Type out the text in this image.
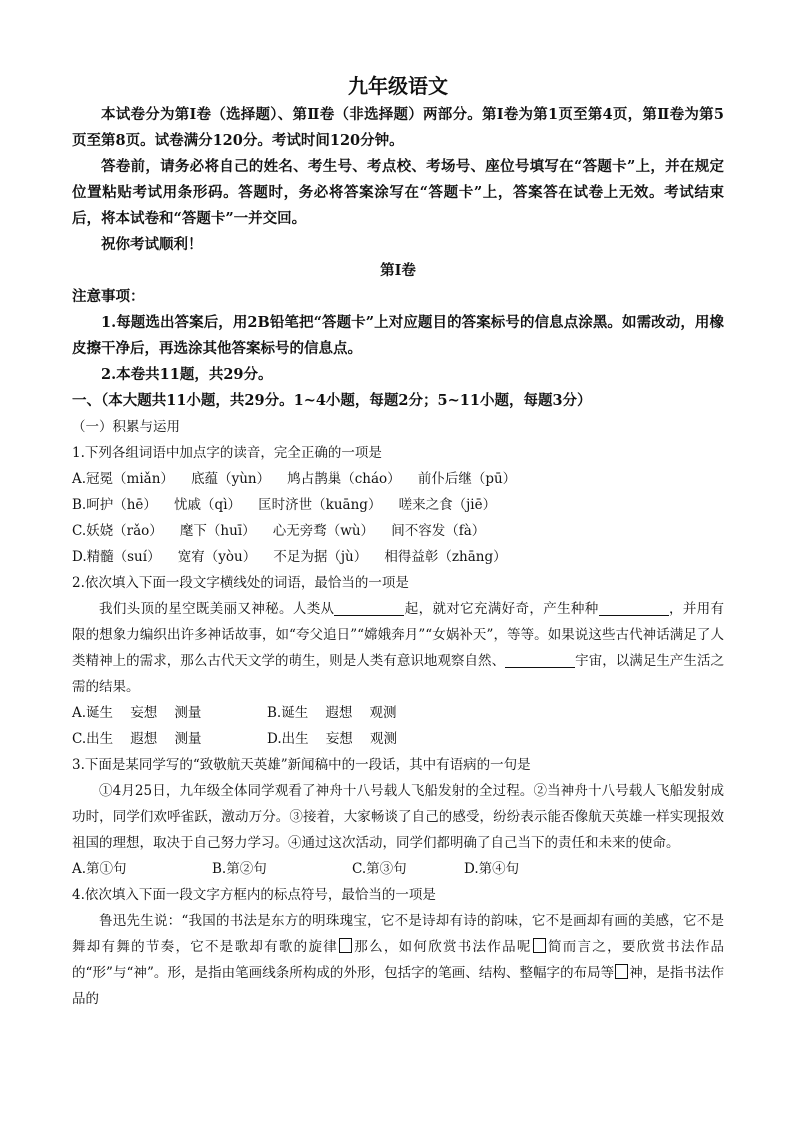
九年级语文
本试卷分为第Ⅰ卷（选择题）、第Ⅱ卷（非选择题）两部分。第Ⅰ卷为第1页至第4页，第Ⅱ卷为第5页至第8页。试卷满分120分。考试时间120分钟。
答卷前，请务必将自己的姓名、考生号、考点校、考场号、座位号填写在“答题卡”上，并在规定位置粘贴考试用条形码。答题时，务必将答案涂写在“答题卡”上，答案答在试卷上无效。考试结束后，将本试卷和“答题卡”一并交回。
祝你考试顺利！
第Ⅰ卷
注意事项：
1.每题选出答案后，用2B铅笔把“答题卡”上对应题目的答案标号的信息点涂黑。如需改动，用橡皮擦干净后，再选涂其他答案标号的信息点。
2.本卷共11题，共29分。
一、（本大题共11小题，共29分。1~4小题，每题2分；5~11小题，每题3分）
（一）积累与运用
1.下列各组词语中加点字的读音，完全正确的一项是
A.冠冕（miǎn）    底蕴（yùn）    鸠占鹊巢（cháo）    前仆后继（pū）
B.呵护（hē）    忧戚（qì）    匡时济世（kuāng）    嗟来之食（jiē）
C.妖娆（rǎo）    麾下（huī）    心无旁骛（wù）    间不容发（fà）
D.精髓（suí）    宽宥（yòu）    不足为据（jù）    相得益彰（zhāng）
2.依次填入下面一段文字横线处的词语，最恰当的一项是
我们头顶的星空既美丽又神秘。人类从	起，就对它充满好奇，产生种种	，并用有限的想象力编织出许多神话故事，如“夸父追日”“嫦娥奔月”“女娲补天”，等等。如果说这些古代神话满足了人类精神上的需求，那么古代天文学的萌生，则是人类有意识地观察自然、	宇宙，以满足生产生活之需的结果。
A.诞生    妄想    测量	B.诞生    遐想    观测
C.出生    遐想    测量	D.出生    妄想    观测
3.下面是某同学写的“致敬航天英雄”新闻稿中的一段话，其中有语病的一句是
①4月25日，九年级全体同学观看了神舟十八号载人飞船发射的全过程。②当神舟十八号载人飞船发射成功时，同学们欢呼雀跃，激动万分。③接着，大家畅谈了自己的感受，纷纷表示能否像航天英雄一样实现报效祖国的理想，取决于自己努力学习。④通过这次活动，同学们都明确了自己当下的责任和未来的使命。
A.第①句	B.第②句	C.第③句	D.第④句
4.依次填入下面一段文字方框内的标点符号，最恰当的一项是
鲁迅先生说：“我国的书法是东方的明珠瑰宝，它不是诗却有诗的韵味，它不是画却有画的美感，它不是舞却有舞的节奏，它不是歌却有歌的旋律 那么，如何欣赏书法作品呢 简而言之，要欣赏书法作品的“形”与“神”。形，是指由笔画线条所构成的外形，包括字的笔画、结构、整幅字的布局等 神，是指书法作品的
